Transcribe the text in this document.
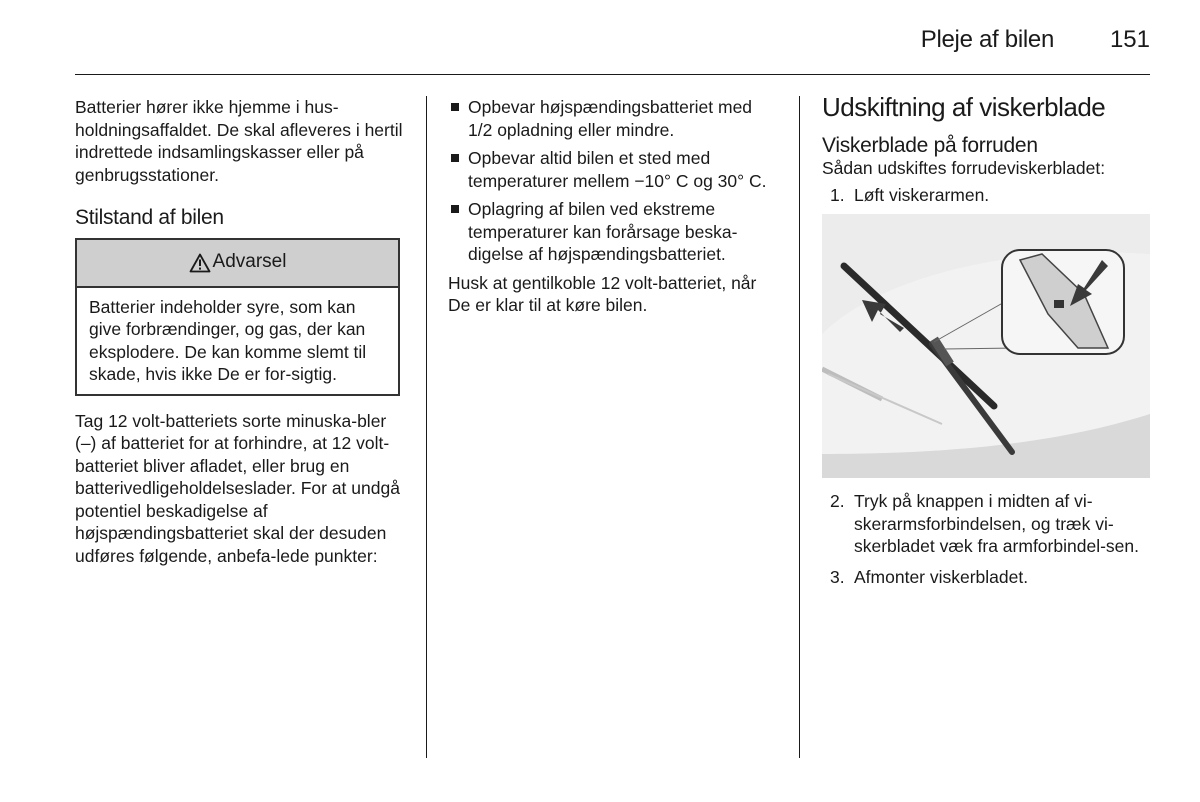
Pleje af bilen 151

Batterier hører ikke hjemme i hus-holdningsaffaldet. De skal afleveres i hertil indrettede indsamlingskasser eller på genbrugsstationer.

Stilstand af bilen
Advarsel
Batterier indeholder syre, som kan give forbrændinger, og gas, der kan eksplodere. De kan komme slemt til skade, hvis ikke De er for-sigtig.

Tag 12 volt-batteriets sorte minuska-bler (–) af batteriet for at forhindre, at 12 volt-batteriet bliver afladet, eller brug en batterivedligeholdelseslader. For at undgå potentiel beskadigelse af højspændingsbatteriet skal der desuden udføres følgende, anbefa-lede punkter:

Opbevar højspændingsbatteriet med 1/2 opladning eller mindre.
Opbevar altid bilen et sted med temperaturer mellem −10° C og 30° C.
Oplagring af bilen ved ekstreme temperaturer kan forårsage beska-digelse af højspændingsbatteriet.

Husk at gentilkoble 12 volt-batteriet, når De er klar til at køre bilen.

Udskiftning af viskerblade
Viskerblade på forruden

Sådan udskiftes forrudeviskerbladet:

1. Løft viskerarmen.
2. Tryk på knappen i midten af vi-skerarmsforbindelsen, og træk vi-skerbladet væk fra armforbindel-sen.
3. Afmonter viskerbladet.
